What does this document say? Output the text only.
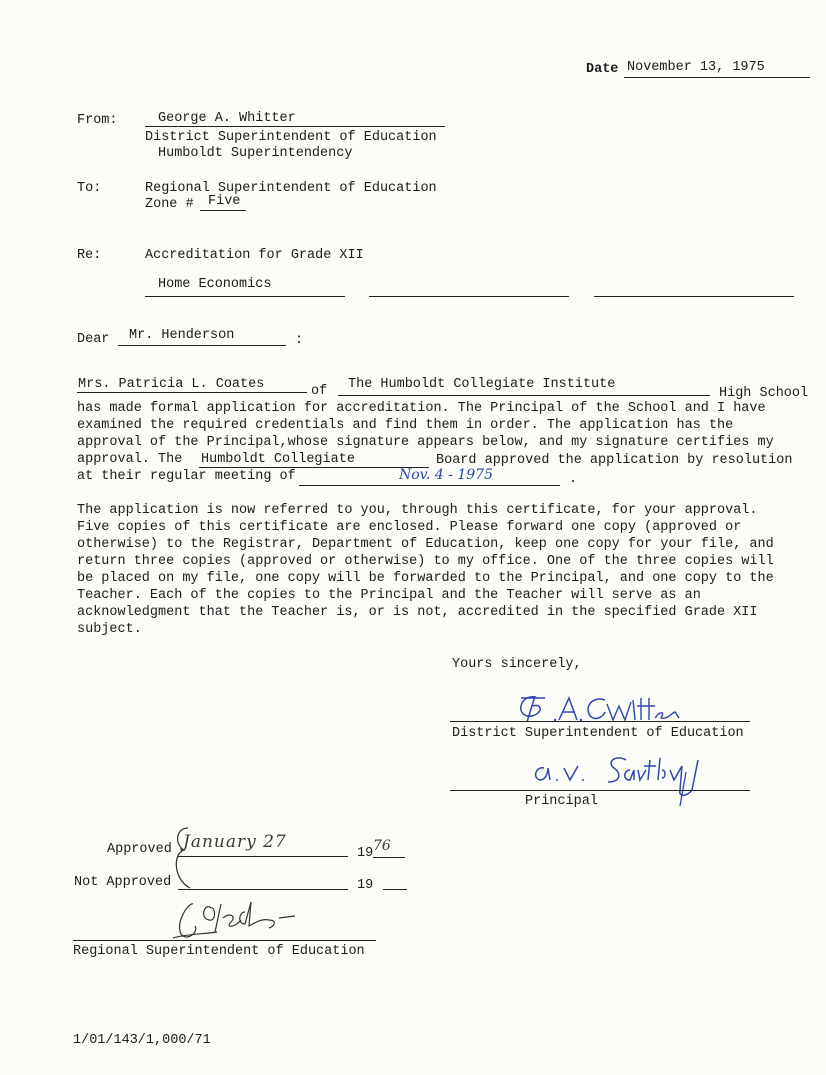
Date November 13, 1975
From:	George A. Whitter
District Superintendent of Education
Humboldt Superintendency
To:	Regional Superintendent of Education
Zone # Five
Re:	Accreditation for Grade XII
Home Economics
Dear Mr. Henderson	:
Mrs. Patricia L. Coates	of The Humboldt Collegiate Institute
High School
has made formal application for accreditation. The Principal of the School and I have
examined the required credentials and find them in order. The application has the
approval of the Principal,whose signature appears below, and my signature certifies my
approval. The Humboldt Collegiate	Board approved the application by resolution
at their regular meeting of	Nov. 4 - 1975	.
The application is now referred to you, through this certificate, for your approval.
Five copies of this certificate are enclosed. Please forward one copy (approved or
otherwise) to the Registrar, Department of Education, keep one copy for your file, and
return three copies (approved or otherwise) to my office. One of the three copies will
be placed on my file, one copy will be forwarded to the Principal, and one copy to the
Teacher. Each of the copies to the Principal and the Teacher will serve as an
acknowledgment that the Teacher is, or is not, accredited in the specified Grade XII
subject.
Yours sincerely,
District Superintendent of Education
Principal
Approved January 27
19 76
Not Approved	19
Regional Superintendent of Education
1/01/143/1,000/71
